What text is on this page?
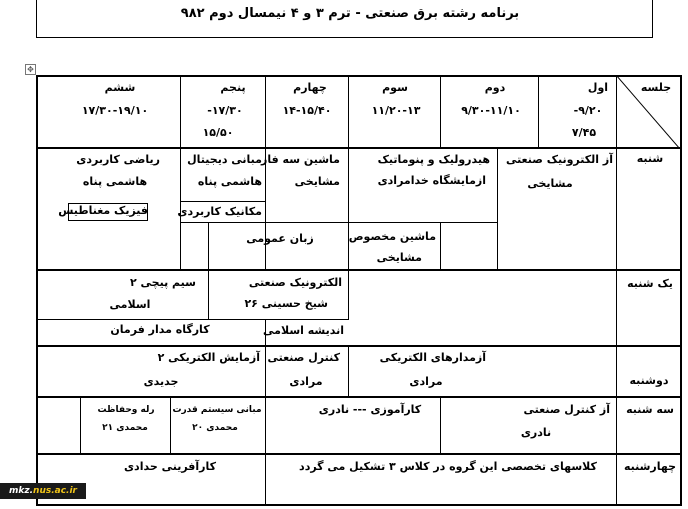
برنامه رشته برق صنعتی - ترم ۳ و ۴ نیمسال دوم ۹۸۲
✥
جلسه
اول
۹/۲۰-
۷/۴۵
دوم
۹/۳۰-۱۱/۱۰
سوم
۱۱/۲۰-۱۳
چهارم
۱۴-۱۵/۴۰
پنجم
۱۷/۳۰-
۱۵/۵۰
ششم
۱۷/۳۰-۱۹/۱۰
شنبه
آز الکترونیک صنعتی
مشایخی
هیدرولیک و پنوماتیک
ازمایشگاه خدامرادی
ماشین سه فاز
مشایخی
مبانی دیجیتال
هاشمی پناه
ریاضی کاربردی
هاشمی پناه
مکانیک کاربردی
فیزیک مغناطیس
ماشین مخصوص
مشایخی
زبان عمومی
یک شنبه
الکترونیک صنعتی
شیخ حسینی ۲۶
سیم پیچی ۲
اسلامی
اندیشه اسلامی
کارگاه مدار فرمان
دوشنبه
آزمدارهای الکتریکی
مرادی
کنترل صنعتی
مرادی
آزمایش الکتریکی ۲
جدیدی
سه شنبه
آز کنترل صنعتی
نادری
کارآموزی --- نادری
مبانی سیستم قدرت
محمدی ۲۰
رله وحفاظت
محمدی ۲۱
چهارشنبه
کلاسهای تخصصی این گروه در کلاس ۳ تشکیل می گردد
کارآفرینی حدادی
mkz.nus.ac.ir
